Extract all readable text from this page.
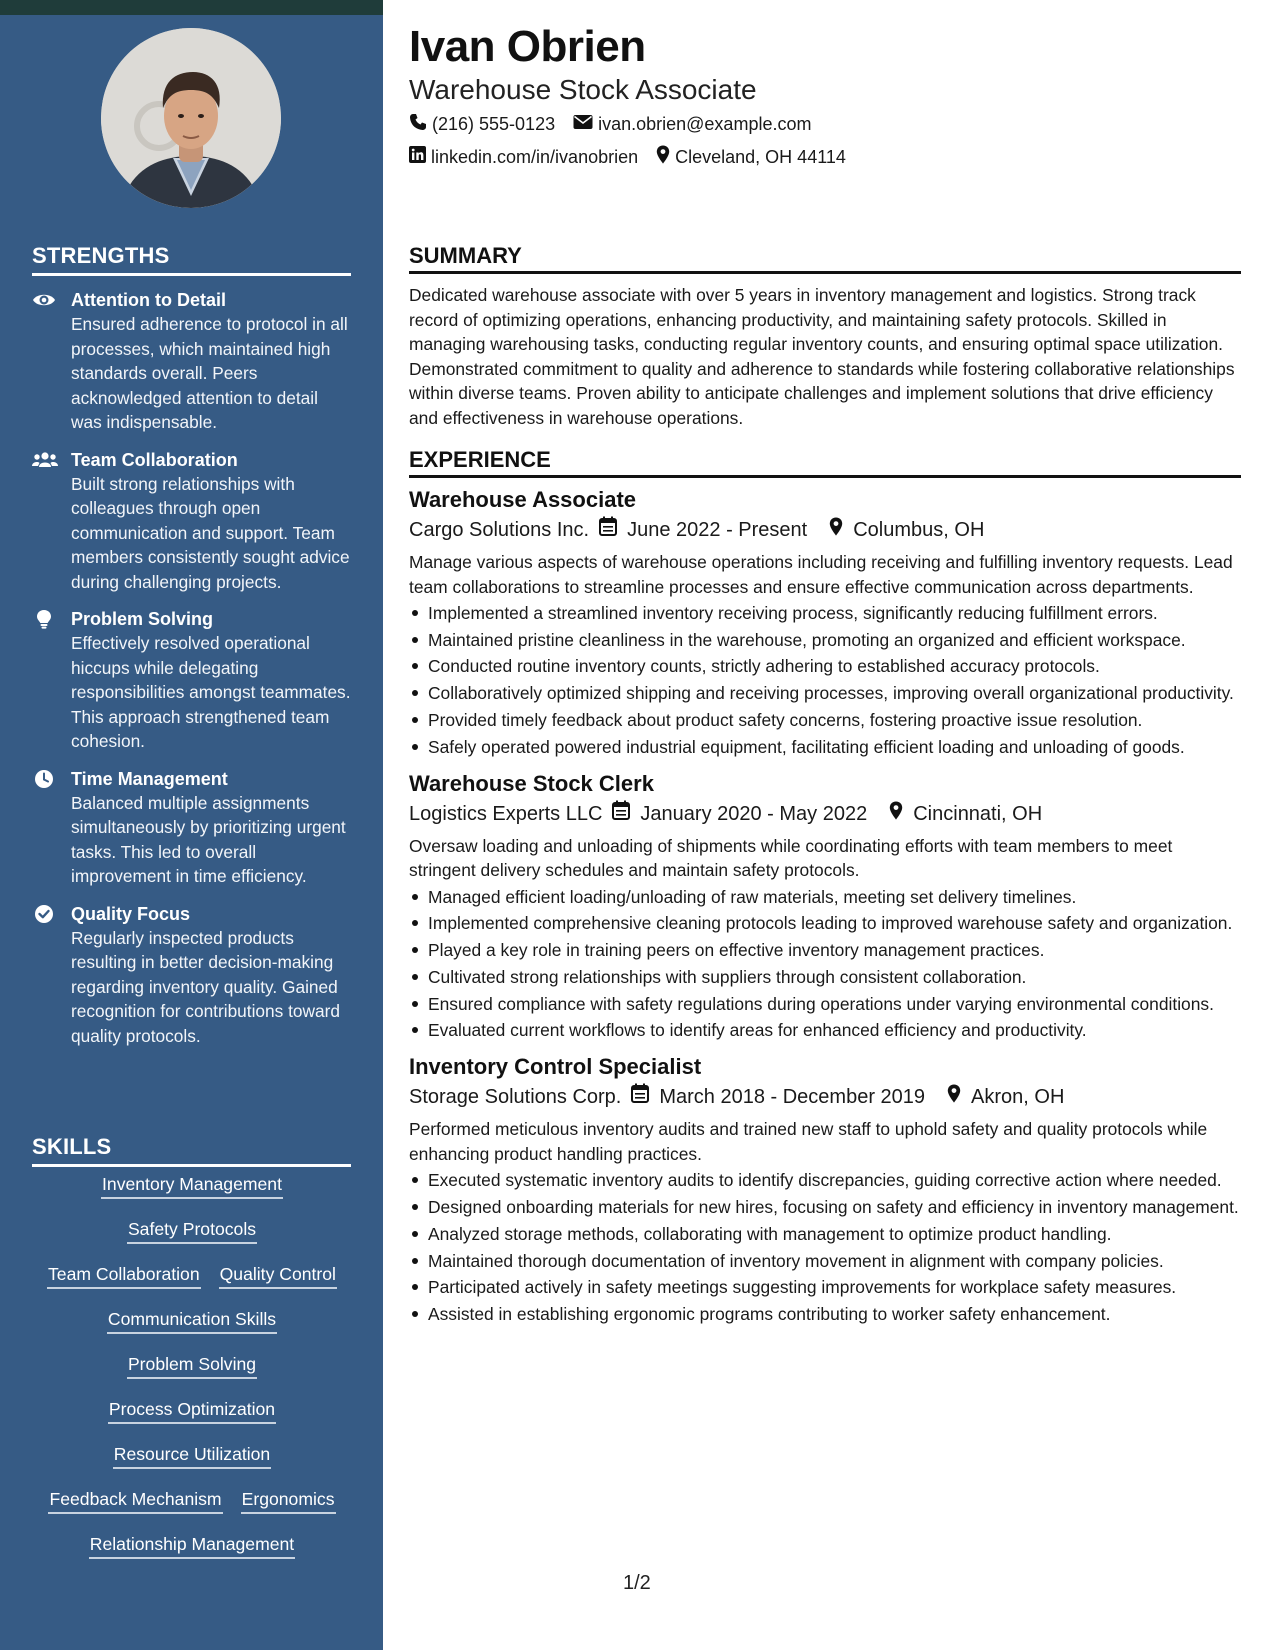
STRENGTHS
Attention to Detail
Ensured adherence to protocol in all processes, which maintained high standards overall. Peers acknowledged attention to detail was indispensable.
Team Collaboration
Built strong relationships with colleagues through open communication and support. Team members consistently sought advice during challenging projects.
Problem Solving
Effectively resolved operational hiccups while delegating responsibilities amongst teammates. This approach strengthened team cohesion.
Time Management
Balanced multiple assignments simultaneously by prioritizing urgent tasks. This led to overall improvement in time efficiency.
Quality Focus
Regularly inspected products resulting in better decision-making regarding inventory quality. Gained recognition for contributions toward quality protocols.
SKILLS
Inventory Management
Safety Protocols
Team Collaboration Quality Control
Communication Skills
Problem Solving
Process Optimization
Resource Utilization
Feedback Mechanism Ergonomics
Relationship Management
Ivan Obrien
Warehouse Stock Associate
(216) 555-0123 ivan.obrien@example.com
linkedin.com/in/ivanobrien Cleveland, OH 44114
SUMMARY
Dedicated warehouse associate with over 5 years in inventory management and logistics. Strong track record of optimizing operations, enhancing productivity, and maintaining safety protocols. Skilled in managing warehousing tasks, conducting regular inventory counts, and ensuring optimal space utilization. Demonstrated commitment to quality and adherence to standards while fostering collaborative relationships within diverse teams. Proven ability to anticipate challenges and implement solutions that drive efficiency and effectiveness in warehouse operations.
EXPERIENCE
Warehouse Associate
Cargo Solutions Inc. June 2022 - Present Columbus, OH
Manage various aspects of warehouse operations including receiving and fulfilling inventory requests. Lead team collaborations to streamline processes and ensure effective communication across departments.
Implemented a streamlined inventory receiving process, significantly reducing fulfillment errors.
Maintained pristine cleanliness in the warehouse, promoting an organized and efficient workspace.
Conducted routine inventory counts, strictly adhering to established accuracy protocols.
Collaboratively optimized shipping and receiving processes, improving overall organizational productivity.
Provided timely feedback about product safety concerns, fostering proactive issue resolution.
Safely operated powered industrial equipment, facilitating efficient loading and unloading of goods.
Warehouse Stock Clerk
Logistics Experts LLC January 2020 - May 2022 Cincinnati, OH
Oversaw loading and unloading of shipments while coordinating efforts with team members to meet stringent delivery schedules and maintain safety protocols.
Managed efficient loading/unloading of raw materials, meeting set delivery timelines.
Implemented comprehensive cleaning protocols leading to improved warehouse safety and organization.
Played a key role in training peers on effective inventory management practices.
Cultivated strong relationships with suppliers through consistent collaboration.
Ensured compliance with safety regulations during operations under varying environmental conditions.
Evaluated current workflows to identify areas for enhanced efficiency and productivity.
Inventory Control Specialist
Storage Solutions Corp. March 2018 - December 2019 Akron, OH
Performed meticulous inventory audits and trained new staff to uphold safety and quality protocols while enhancing product handling practices.
Executed systematic inventory audits to identify discrepancies, guiding corrective action where needed.
Designed onboarding materials for new hires, focusing on safety and efficiency in inventory management.
Analyzed storage methods, collaborating with management to optimize product handling.
Maintained thorough documentation of inventory movement in alignment with company policies.
Participated actively in safety meetings suggesting improvements for workplace safety measures.
Assisted in establishing ergonomic programs contributing to worker safety enhancement.
1/2
